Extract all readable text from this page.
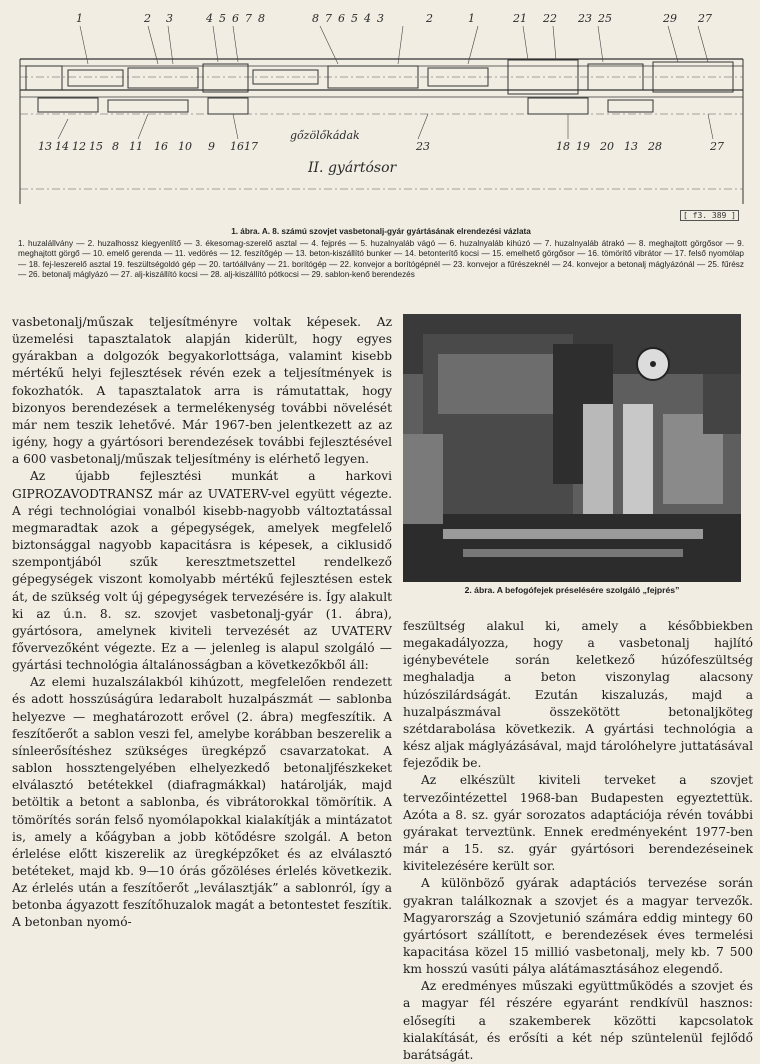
1	2 3	4 5 6 7 8	8 7 6 5 4 3	2	1	21 22 23 25	29 27
13 14 12 15 8 11 16 10 9 16 17	23	18 19 20 13 28	27
gőzölőkádak
II. gyártósor
[ f3. 389 ]
1. ábra. A. 8. számú szovjet vasbetonalj-gyár gyártásának elrendezési vázlata
1. huzalállvány — 2. huzalhossz kiegyenlítő — 3. ékesomag-szerelő asztal — 4. fejprés — 5. huzalnyaláb vágó — 6. huzalnyaláb kihúzó — 7. huzalnyaláb átrakó — 8. meghajtott görgősor — 9. meghajtott görgő — 10. emelő gerenda — 11. vedörés — 12. feszítőgép — 13. beton-kiszállító bunker — 14. betonterítő kocsi — 15. emelhető görgősor — 16. tömörítő vibrátor — 17. felső nyomólap — 18. fej-leszerelő asztal 19. feszültségoldó gép — 20. tartóállvány — 21. borítógép — 22. konvejor a borítógépnél — 23. konvejor a fűrészeknél — 24. konvejor a betonalj máglyázónál — 25. fűrész — 26. betonalj máglyázó — 27. alj-kiszállító kocsi — 28. alj-kiszállító pótkocsi — 29. sablon-kenő berendezés

vasbetonalj/műszak teljesítményre voltak képesek. Az üzemelési tapasztalatok alapján kiderült, hogy egyes gyárakban a dolgozók begyakorlottsága, valamint kisebb mértékű helyi fejlesztések révén ezek a teljesítmények is fokozhatók. A tapasztalatok arra is rámutattak, hogy bizonyos berendezések a termelékenység további növelését már nem teszik lehetővé. Már 1967-ben jelentkezett az az igény, hogy a gyártósori berendezések további fejlesztésével a 600 vasbetonalj/műszak teljesítmény is elérhető legyen.

Az újabb fejlesztési munkát a harkovi GIPROZAVODTRANSZ már az UVATERV-vel együtt végezte. A régi technológiai vonalból kisebb-nagyobb változtatással megmaradtak azok a gépegységek, amelyek megfelelő biztonsággal nagyobb kapacitásra is képesek, a ciklusidő szempontjából szűk keresztmetszettel rendelkező gépegységek viszont komolyabb mértékű fejlesztésen estek át, de szükség volt új gépegységek tervezésére is. Így alakult ki az ú.n. 8. sz. szovjet vasbetonalj-gyár (1. ábra), gyártósora, amelynek kiviteli tervezését az UVATERV fővervezőként végezte. Ez a — jelenleg is alapul szolgáló — gyártási technológia általánosságban a következőkből áll:

Az elemi huzalszálakból kihúzott, megfelelően rendezett és adott hosszúságúra ledarabolt huzalpászmát — sablonba helyezve — meghatározott erővel (2. ábra) megfeszítik. A feszítőerőt a sablon veszi fel, amelybe korábban beszerelik a sínleerősítéshez szükséges üregképző csavarzatokat. A sablon hossztengelyében elhelyezkedő betonaljfészkeket elválasztó betétekkel (diafragmákkal) határolják, majd betöltik a betont a sablonba, és vibrátorokkal tömörítik. A tömörítés során felső nyomólapokkal kialakítják a mintázatot is, amely a kőágyban a jobb kötődésre szolgál. A beton érlelése előtt kiszerelik az üregképzőket és az elválasztó betéteket, majd kb. 9—10 órás gőzöléses érlelés következik. Az érlelés után a feszítőerőt „leválasztják” a sablonról, így a betonba ágyazott feszítőhuzalok magát a betontestet feszítik. A betonban nyomó-

2. ábra. A befogófejek préselésére szolgáló „fejprés”

feszültség alakul ki, amely a későbbiekben megakadályozza, hogy a vasbetonalj hajlító igénybevétele során keletkező húzófeszültség meghaladja a beton viszonylag alacsony húzószilárdságát. Ezután kiszaluzás, majd a huzalpászmával összekötött betonaljköteg szétdarabolása következik. A gyártási technológia a kész aljak máglyázásával, majd tárolóhelyre juttatásával fejeződik be.

Az elkészült kiviteli terveket a szovjet tervezőintézettel 1968-ban Budapesten egyeztettük. Azóta a 8. sz. gyár sorozatos adaptációja révén további gyárakat terveztünk. Ennek eredményeként 1977-ben már a 15. sz. gyár gyártósori berendezéseinek kivitelezésére került sor.

A különböző gyárak adaptációs tervezése során gyakran találkoznak a szovjet és a magyar tervezők. Magyarország a Szovjetunió számára eddig mintegy 60 gyártósort szállított, e berendezések éves termelési kapacitása közel 15 millió vasbetonalj, mely kb. 7 500 km hosszú vasúti pálya alátámasztásához elegendő.

Az eredményes műszaki együttműködés a szovjet és a magyar fél részére egyaránt rendkívül hasznos: elősegíti a szakemberek közötti kapcsolatok kialakítását, és erősíti a két nép szüntelenül fejlődő barátságát.
